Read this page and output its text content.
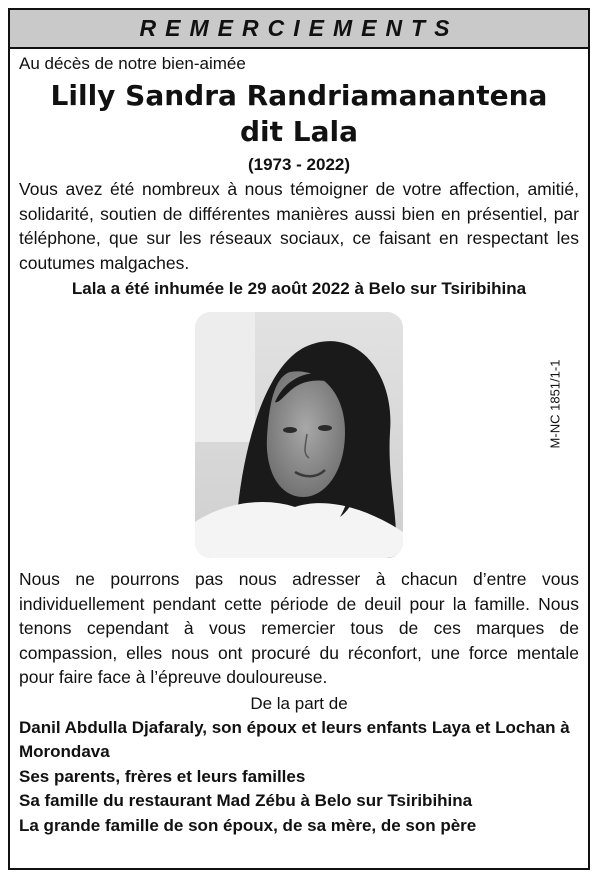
REMERCIEMENTS
Au décès de notre bien-aimée
Lilly Sandra Randriamanantena
dit Lala
(1973 - 2022)
Vous avez été nombreux à nous témoigner de votre affection, amitié, solidarité, soutien de différentes manières aussi bien en présentiel, par téléphone, que sur les réseaux sociaux, ce faisant en respectant les coutumes malgaches.
Lala a été inhumée le 29 août 2022 à Belo sur Tsiribihina
Nous ne pourrons pas nous adresser à chacun d’entre vous individuellement pendant cette période de deuil pour la famille. Nous tenons cependant à vous remercier tous de ces marques de compassion, elles nous ont procuré du réconfort, une force mentale pour faire face à l’épreuve douloureuse.
De la part de
Danil Abdulla Djafaraly, son époux et leurs enfants Laya et Lochan à Morondava
Ses parents, frères et leurs familles
Sa famille du restaurant Mad Zébu à Belo sur Tsiribihina
La grande famille de son époux, de sa mère, de son père
M-NC 1851/1-1
